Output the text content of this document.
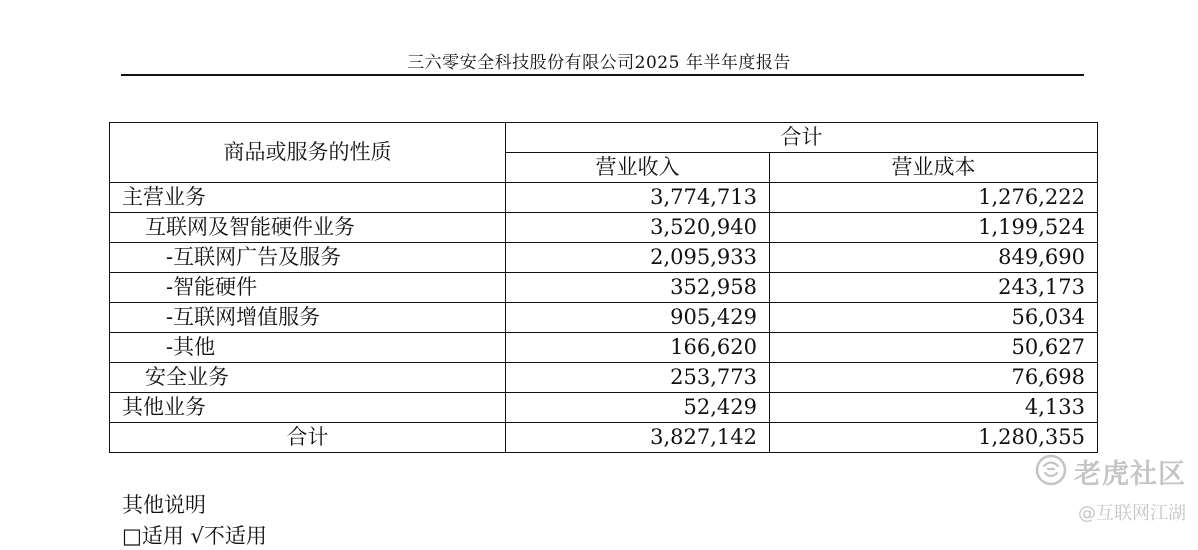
三六零安全科技股份有限公司2025 年半年度报告
商品或服务的性质	合计	
	营业收入	营业成本
主营业务	3,774,713	1,276,222
互联网及智能硬件业务	3,520,940	1,199,524
-互联网广告及服务	2,095,933	849,690
-智能硬件	352,958	243,173
-互联网增值服务	905,429	56,034
-其他	166,620	50,627
安全业务	253,773	76,698
其他业务	52,429	4,133
合计	3,827,142	1,280,355
其他说明
□适用 √不适用
老虎社区
@互联网江湖
